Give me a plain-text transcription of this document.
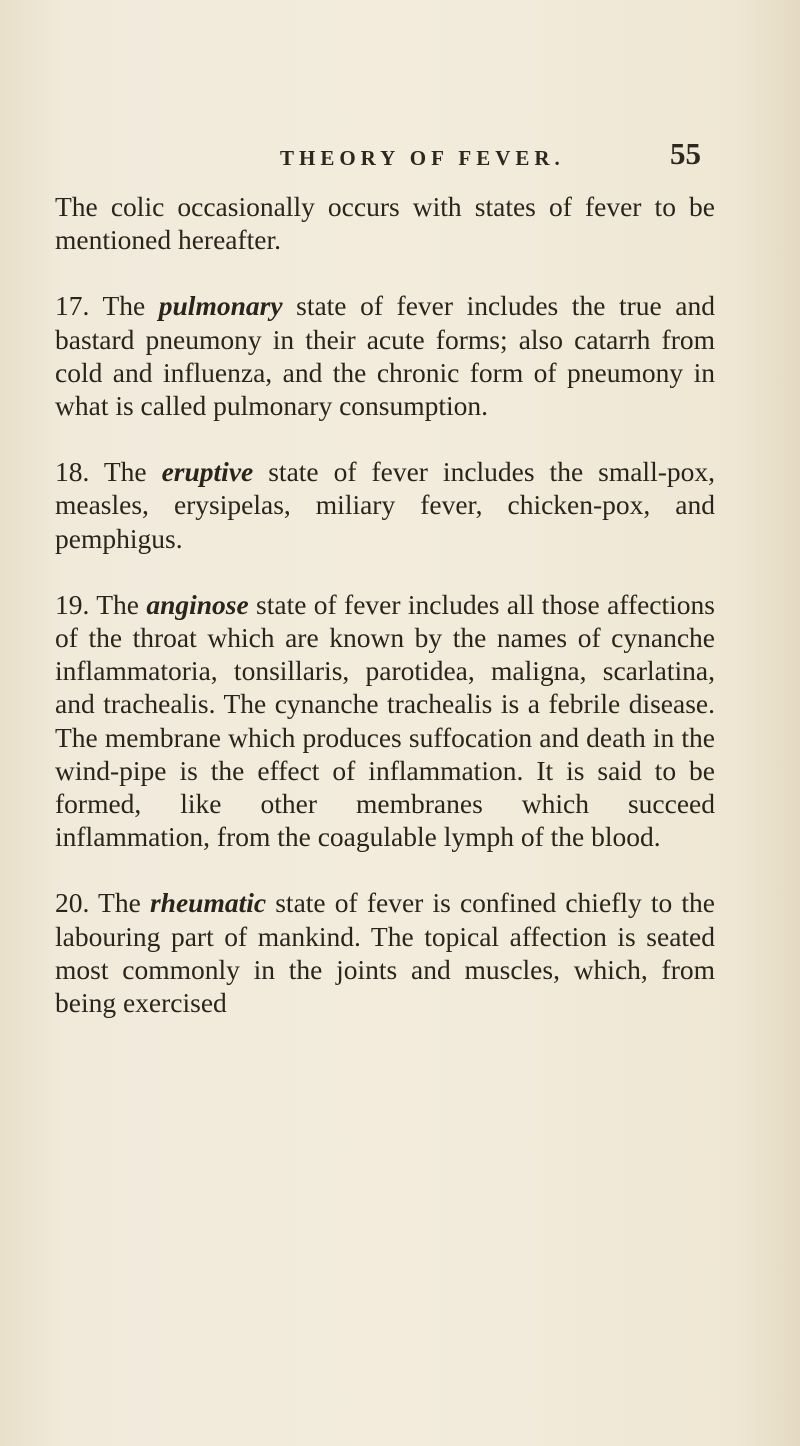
THEORY OF FEVER.	55

The colic occasionally occurs with states of fever to be mentioned hereafter.

17. The pulmonary state of fever includes the true and bastard pneumony in their acute forms; also catarrh from cold and influenza, and the chronic form of pneumony in what is called pulmonary consumption.

18. The eruptive state of fever includes the small-pox, measles, erysipelas, miliary fever, chicken-pox, and pemphigus.

19. The anginose state of fever includes all those affections of the throat which are known by the names of cynanche inflammatoria, tonsillaris, parotidea, maligna, scarlatina, and trachealis. The cynanche trachealis is a febrile disease. The membrane which produces suffocation and death in the wind-pipe is the effect of inflammation. It is said to be formed, like other membranes which succeed inflammation, from the coagulable lymph of the blood.

20. The rheumatic state of fever is confined chiefly to the labouring part of mankind. The topical affection is seated most commonly in the joints and muscles, which, from being exercised
